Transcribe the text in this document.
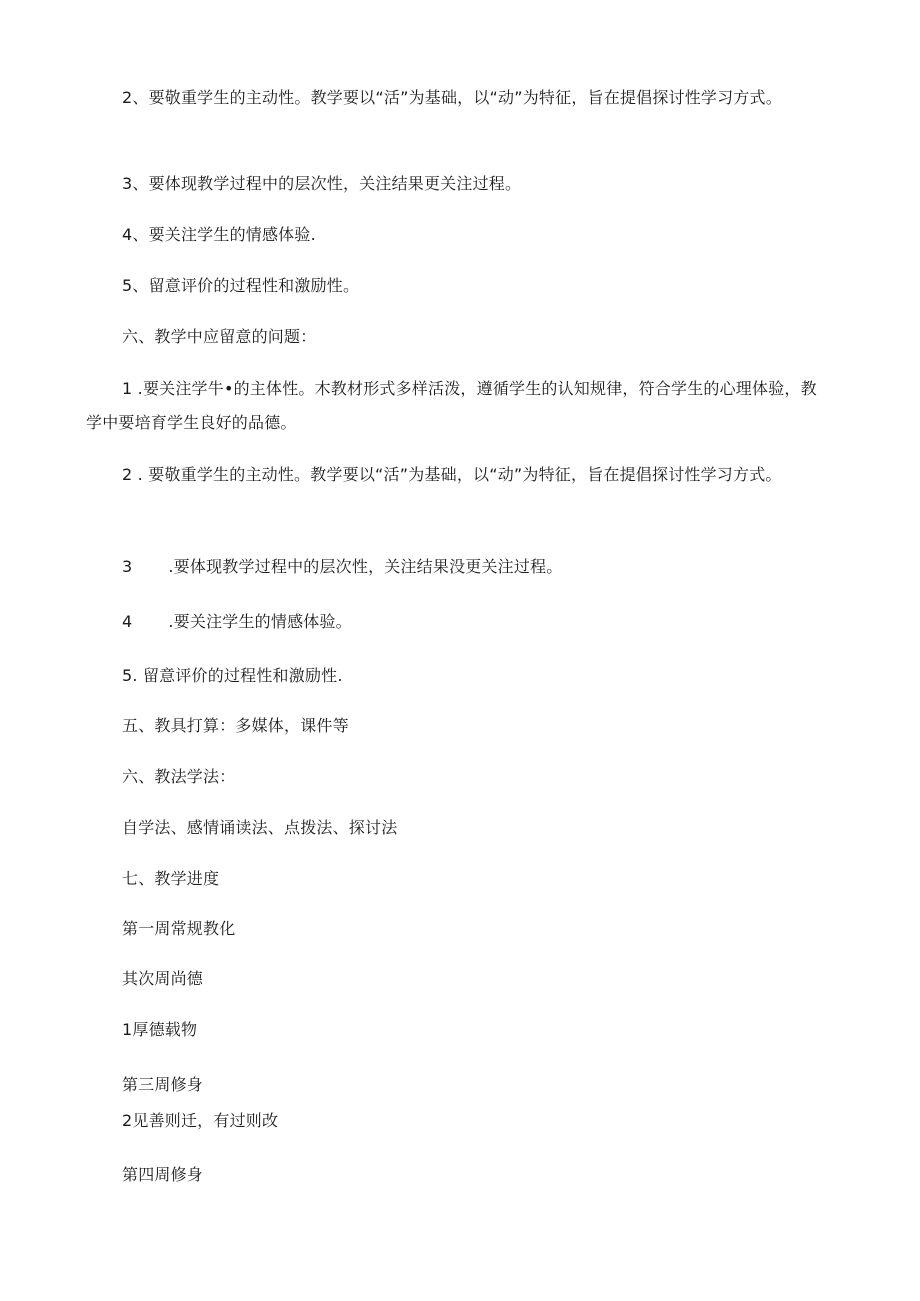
2、要敬重学生的主动性。教学要以“活”为基础，以“动”为特征，旨在提倡探讨性学习方式。

3、要体现教学过程中的层次性，关注结果更关注过程。

4、要关注学生的情感体验.

5、留意评价的过程性和激励性。

六、教学中应留意的问题：

1 .要关注学牛•的主体性。木教材形式多样活泼，遵循学生的认知规律，符合学生的心理体验，教学中要培育学生良好的品德。

2 . 要敬重学生的主动性。教学要以“活”为基础，以“动”为特征，旨在提倡探讨性学习方式。

3 .要体现教学过程中的层次性，关注结果没更关注过程。

4 .要关注学生的情感体验。

5. 留意评价的过程性和激励性.

五、教具打算：多媒体，课件等

六、教法学法：

自学法、感情诵读法、点拨法、探讨法

七、教学进度

第一周常规教化

其次周尚德

1厚德载物

第三周修身

2见善则迁，有过则改

第四周修身
